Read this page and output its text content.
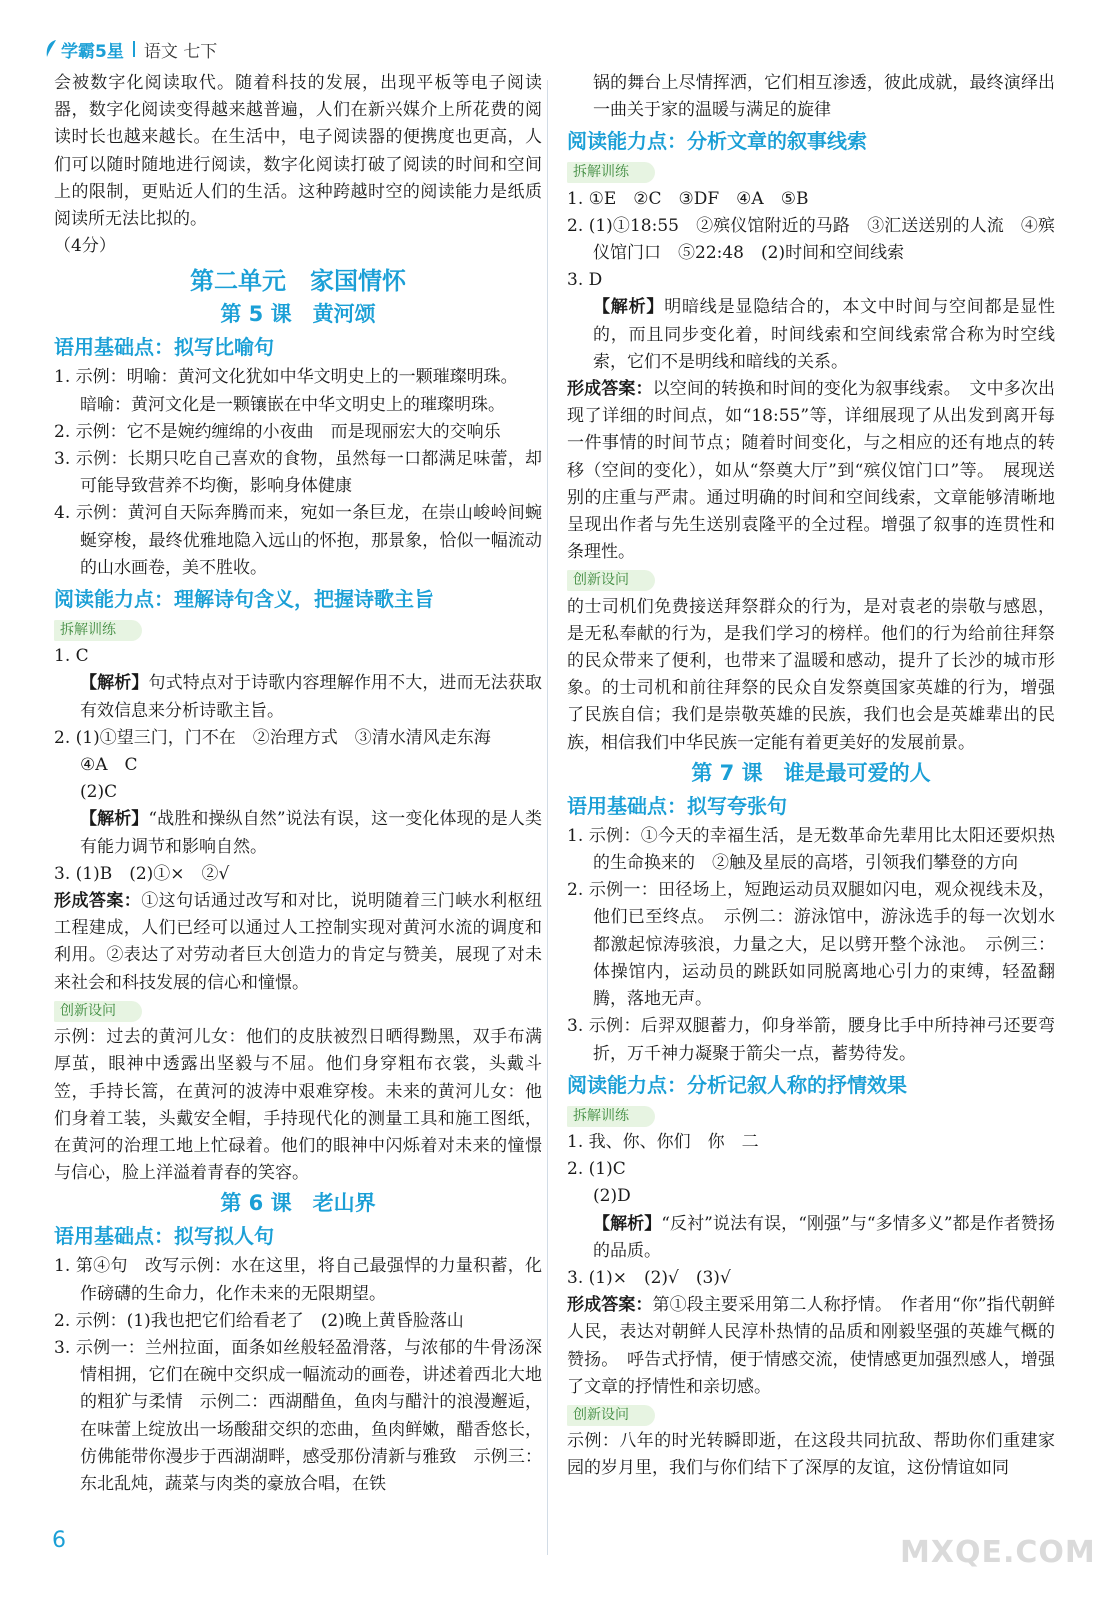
学霸5星 语文 七下

会被数字化阅读取代。随着科技的发展，出现平板等电子阅读器，数字化阅读变得越来越普遍，人们在新兴媒介上所花费的阅读时长也越来越长。在生活中，电子阅读器的便携度也更高，人们可以随时随地进行阅读，数字化阅读打破了阅读的时间和空间上的限制，更贴近人们的生活。这种跨越时空的阅读能力是纸质阅读所无法比拟的。
（4分）

第二单元　家国情怀
第 5 课　黄河颂
语用基础点：拟写比喻句

1. 示例：明喻：黄河文化犹如中华文明史上的一颗璀璨明珠。

暗喻：黄河文化是一颗镶嵌在中华文明史上的璀璨明珠。

2. 示例：它不是婉约缠绵的小夜曲　而是现丽宏大的交响乐

3. 示例：长期只吃自己喜欢的食物，虽然每一口都满足味蕾，却可能导致营养不均衡，影响身体健康

4. 示例：黄河自天际奔腾而来，宛如一条巨龙，在崇山峻岭间蜿蜒穿梭，最终优雅地隐入远山的怀抱，那景象，恰似一幅流动的山水画卷，美不胜收。

阅读能力点：理解诗句含义，把握诗歌主旨
拆解训练

1. C

【解析】句式特点对于诗歌内容理解作用不大，进而无法获取有效信息来分析诗歌主旨。

2. (1)①望三门，门不在　②治理方式　③清水清风走东海

④A　C

(2)C

【解析】“战胜和操纵自然”说法有误，这一变化体现的是人类有能力调节和影响自然。

3. (1)B　(2)①×　②√

形成答案：①这句话通过改写和对比，说明随着三门峡水利枢纽工程建成，人们已经可以通过人工控制实现对黄河水流的调度和利用。②表达了对劳动者巨大创造力的肯定与赞美，展现了对未来社会和科技发展的信心和憧憬。

创新设问

示例：过去的黄河儿女：他们的皮肤被烈日晒得黝黑，双手布满厚茧，眼神中透露出坚毅与不屈。他们身穿粗布衣裳，头戴斗笠，手持长篙，在黄河的波涛中艰难穿梭。未来的黄河儿女：他们身着工装，头戴安全帽，手持现代化的测量工具和施工图纸，在黄河的治理工地上忙碌着。他们的眼神中闪烁着对未来的憧憬与信心，脸上洋溢着青春的笑容。

第 6 课　老山界
语用基础点：拟写拟人句

1. 第④句　改写示例：水在这里，将自己最强悍的力量积蓄，化作磅礴的生命力，化作未来的无限期望。

2. 示例：(1)我也把它们给看老了　(2)晚上黄昏脸落山

3. 示例一：兰州拉面，面条如丝般轻盈滑落，与浓郁的牛骨汤深情相拥，它们在碗中交织成一幅流动的画卷，讲述着西北大地的粗犷与柔情　示例二：西湖醋鱼，鱼肉与醋汁的浪漫邂逅，在味蕾上绽放出一场酸甜交织的恋曲，鱼肉鲜嫩，醋香悠长，仿佛能带你漫步于西湖湖畔，感受那份清新与雅致　示例三：东北乱炖，蔬菜与肉类的豪放合唱，在铁

锅的舞台上尽情挥洒，它们相互渗透，彼此成就，最终演绎出一曲关于家的温暖与满足的旋律

阅读能力点：分析文章的叙事线索
拆解训练

1. ①E　②C　③DF　④A　⑤B

2. (1)①18:55　②殡仪馆附近的马路　③汇送送别的人流　④殡仪馆门口　⑤22:48　(2)时间和空间线索

3. D

【解析】明暗线是显隐结合的，本文中时间与空间都是显性的，而且同步变化着，时间线索和空间线索常合称为时空线索，它们不是明线和暗线的关系。

形成答案：以空间的转换和时间的变化为叙事线索。　文中多次出现了详细的时间点，如“18:55”等，详细展现了从出发到离开每一件事情的时间节点；随着时间变化，与之相应的还有地点的转移（空间的变化），如从“祭奠大厅”到“殡仪馆门口”等。　展现送别的庄重与严肃。通过明确的时间和空间线索，文章能够清晰地呈现出作者与先生送别袁隆平的全过程。增强了叙事的连贯性和条理性。

创新设问

的士司机们免费接送拜祭群众的行为，是对袁老的崇敬与感恩，是无私奉献的行为，是我们学习的榜样。他们的行为给前往拜祭的民众带来了便利，也带来了温暖和感动，提升了长沙的城市形象。的士司机和前往拜祭的民众自发祭奠国家英雄的行为，增强了民族自信；我们是崇敬英雄的民族，我们也会是英雄辈出的民族，相信我们中华民族一定能有着更美好的发展前景。

第 7 课　谁是最可爱的人
语用基础点：拟写夸张句

1. 示例：①今天的幸福生活，是无数革命先辈用比太阳还要炽热的生命换来的　②触及星辰的高塔，引领我们攀登的方向

2. 示例一：田径场上，短跑运动员双腿如闪电，观众视线未及，他们已至终点。　示例二：游泳馆中，游泳选手的每一次划水都激起惊涛骇浪，力量之大，足以劈开整个泳池。　示例三：体操馆内，运动员的跳跃如同脱离地心引力的束缚，轻盈翻腾，落地无声。

3. 示例：后羿双腿蓄力，仰身举箭，腰身比手中所持神弓还要弯折，万千神力凝聚于箭尖一点，蓄势待发。

阅读能力点：分析记叙人称的抒情效果
拆解训练

1. 我、你、你们　你　二

2. (1)C

(2)D

【解析】“反衬”说法有误，“刚强”与“多情多义”都是作者赞扬的品质。

3. (1)×　(2)√　(3)√

形成答案：第①段主要采用第二人称抒情。　作者用“你”指代朝鲜人民，表达对朝鲜人民淳朴热情的品质和刚毅坚强的英雄气概的赞扬。　呼告式抒情，便于情感交流，使情感更加强烈感人，增强了文章的抒情性和亲切感。

创新设问

示例：八年的时光转瞬即逝，在这段共同抗敌、帮助你们重建家园的岁月里，我们与你们结下了深厚的友谊，这份情谊如同

6	MXQE.COM
